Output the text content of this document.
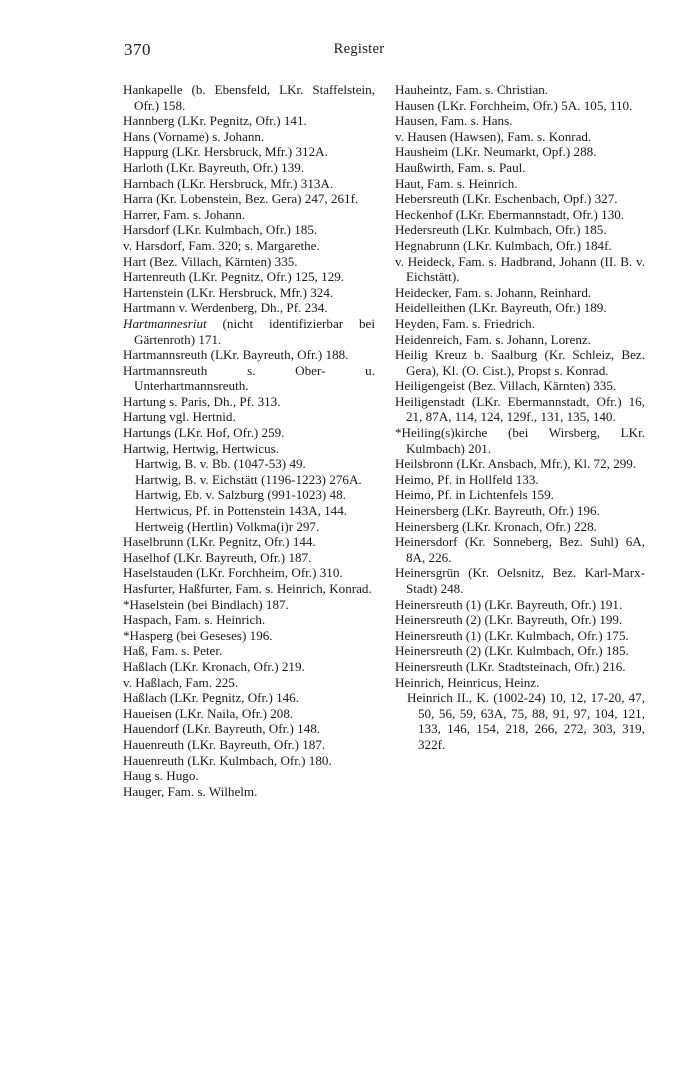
370	Register

Hankapelle (b. Ebensfeld, LKr. Staffelstein, Ofr.) 158.

Hannberg (LKr. Pegnitz, Ofr.) 141.

Hans (Vorname) s. Johann.

Happurg (LKr. Hersbruck, Mfr.) 312A.

Harloth (LKr. Bayreuth, Ofr.) 139.

Harnbach (LKr. Hersbruck, Mfr.) 313A.

Harra (Kr. Lobenstein, Bez. Gera) 247, 261f.

Harrer, Fam. s. Johann.

Harsdorf (LKr. Kulmbach, Ofr.) 185.

v. Harsdorf, Fam. 320; s. Margarethe.

Hart (Bez. Villach, Kärnten) 335.

Hartenreuth (LKr. Pegnitz, Ofr.) 125, 129.

Hartenstein (LKr. Hersbruck, Mfr.) 324.

Hartmann v. Werdenberg, Dh., Pf. 234.

Hartmannesriut (nicht identifizierbar bei Gärtenroth) 171.

Hartmannsreuth (LKr. Bayreuth, Ofr.) 188.

Hartmannsreuth s. Ober- u. Unterhartmannsreuth.

Hartung s. Paris, Dh., Pf. 313.

Hartung vgl. Hertnid.

Hartungs (LKr. Hof, Ofr.) 259.

Hartwig, Hertwig, Hertwicus.

Hartwig, B. v. Bb. (1047-53) 49.

Hartwig, B. v. Eichstätt (1196-1223) 276A.

Hartwig, Eb. v. Salzburg (991-1023) 48.

Hertwicus, Pf. in Pottenstein 143A, 144.

Hertweig (Hertlin) Volkma(i)r 297.

Haselbrunn (LKr. Pegnitz, Ofr.) 144.

Haselhof (LKr. Bayreuth, Ofr.) 187.

Haselstauden (LKr. Forchheim, Ofr.) 310.

Hasfurter, Haßfurter, Fam. s. Heinrich, Konrad.

*Haselstein (bei Bindlach) 187.

Haspach, Fam. s. Heinrich.

*Hasperg (bei Geseses) 196.

Haß, Fam. s. Peter.

Haßlach (LKr. Kronach, Ofr.) 219.

v. Haßlach, Fam. 225.

Haßlach (LKr. Pegnitz, Ofr.) 146.

Haueisen (LKr. Naila, Ofr.) 208.

Hauendorf (LKr. Bayreuth, Ofr.) 148.

Hauenreuth (LKr. Bayreuth, Ofr.) 187.

Hauenreuth (LKr. Kulmbach, Ofr.) 180.

Haug s. Hugo.

Hauger, Fam. s. Wilhelm.

Hauheintz, Fam. s. Christian.

Hausen (LKr. Forchheim, Ofr.) 5A. 105, 110.

Hausen, Fam. s. Hans.

v. Hausen (Hawsen), Fam. s. Konrad.

Hausheim (LKr. Neumarkt, Opf.) 288.

Haußwirth, Fam. s. Paul.

Haut, Fam. s. Heinrich.

Hebersreuth (LKr. Eschenbach, Opf.) 327.

Heckenhof (LKr. Ebermannstadt, Ofr.) 130.

Hedersreuth (LKr. Kulmbach, Ofr.) 185.

Hegnabrunn (LKr. Kulmbach, Ofr.) 184f.

v. Heideck, Fam. s. Hadbrand, Johann (II. B. v. Eichstätt).

Heidecker, Fam. s. Johann, Reinhard.

Heidelleithen (LKr. Bayreuth, Ofr.) 189.

Heyden, Fam. s. Friedrich.

Heidenreich, Fam. s. Johann, Lorenz.

Heilig Kreuz b. Saalburg (Kr. Schleiz, Bez. Gera), Kl. (O. Cist.), Propst s. Konrad.

Heiligengeist (Bez. Villach, Kärnten) 335.

Heiligenstadt (LKr. Ebermannstadt, Ofr.) 16, 21, 87A, 114, 124, 129f., 131, 135, 140.

*Heiling(s)kirche (bei Wirsberg, LKr. Kulmbach) 201.

Heilsbronn (LKr. Ansbach, Mfr.), Kl. 72, 299.

Heimo, Pf. in Hollfeld 133.

Heimo, Pf. in Lichtenfels 159.

Heinersberg (LKr. Bayreuth, Ofr.) 196.

Heinersberg (LKr. Kronach, Ofr.) 228.

Heinersdorf (Kr. Sonneberg, Bez. Suhl) 6A, 8A, 226.

Heinersgrün (Kr. Oelsnitz, Bez. Karl-Marx-Stadt) 248.

Heinersreuth (1) (LKr. Bayreuth, Ofr.) 191.

Heinersreuth (2) (LKr. Bayreuth, Ofr.) 199.

Heinersreuth (1) (LKr. Kulmbach, Ofr.) 175.

Heinersreuth (2) (LKr. Kulmbach, Ofr.) 185.

Heinersreuth (LKr. Stadtsteinach, Ofr.) 216.

Heinrich, Heinricus, Heinz.

Heinrich II., K. (1002-24) 10, 12, 17-20, 47, 50, 56, 59, 63A, 75, 88, 91, 97, 104, 121, 133, 146, 154, 218, 266, 272, 303, 319, 322f.
